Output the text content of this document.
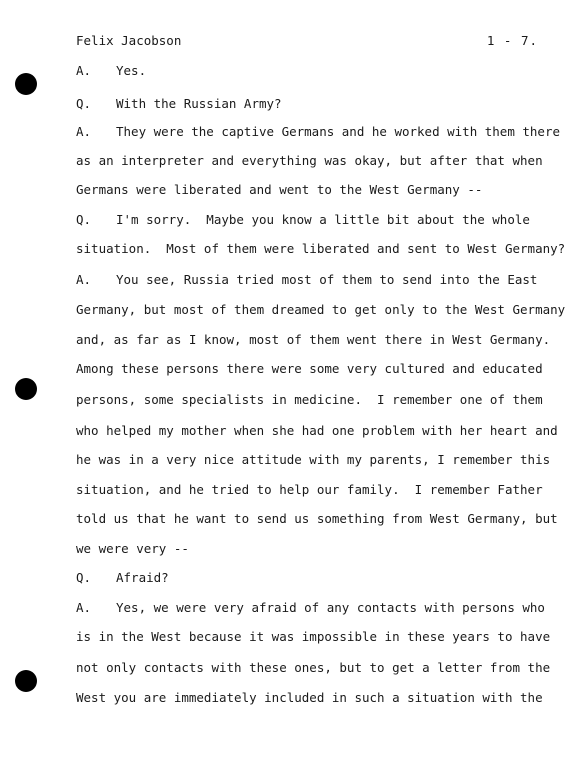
Felix Jacobson	1 - 7.
A. Yes.
Q. With the Russian Army?
A. They were the captive Germans and he worked with them there
as an interpreter and everything was okay, but after that when
Germans were liberated and went to the West Germany --
Q. I'm sorry.  Maybe you know a little bit about the whole
situation.  Most of them were liberated and sent to West Germany?
A. You see, Russia tried most of them to send into the East
Germany, but most of them dreamed to get only to the West Germany
and, as far as I know, most of them went there in West Germany.
Among these persons there were some very cultured and educated
persons, some specialists in medicine.  I remember one of them
who helped my mother when she had one problem with her heart and
he was in a very nice attitude with my parents, I remember this
situation, and he tried to help our family.  I remember Father
told us that he want to send us something from West Germany, but
we were very --
Q. Afraid?
A. Yes, we were very afraid of any contacts with persons who
is in the West because it was impossible in these years to have
not only contacts with these ones, but to get a letter from the
West you are immediately included in such a situation with the
